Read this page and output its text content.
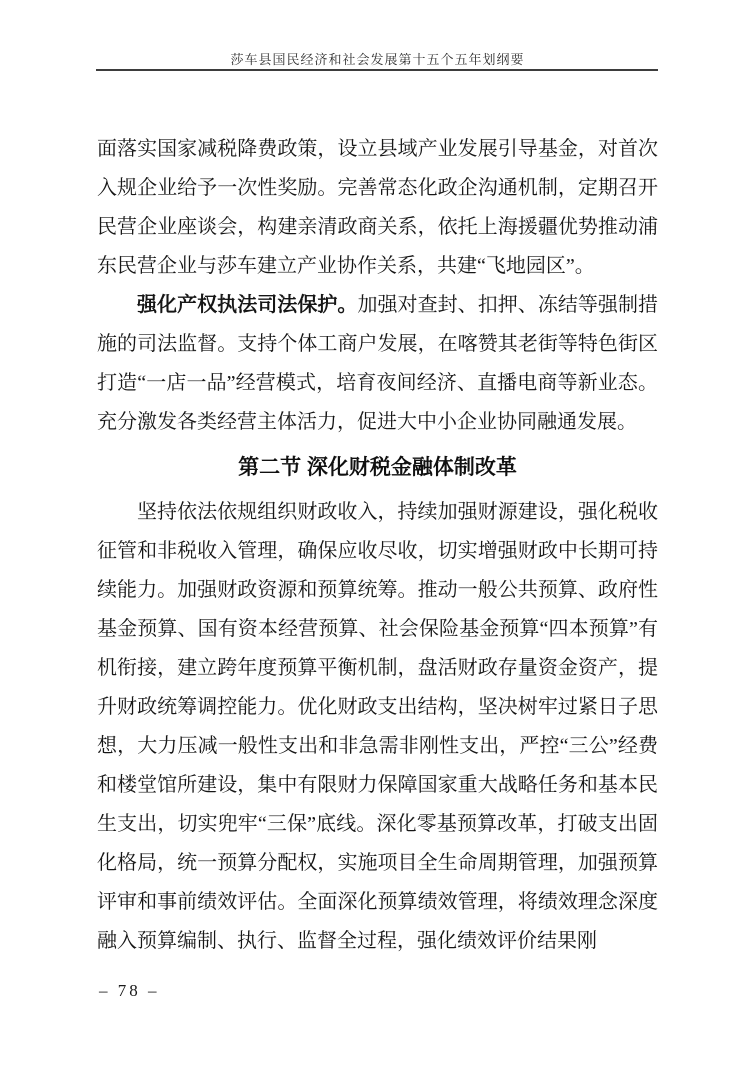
莎车县国民经济和社会发展第十五个五年划纲要

面落实国家减税降费政策，设立县域产业发展引导基金，对首次入规企业给予一次性奖励。完善常态化政企沟通机制，定期召开民营企业座谈会，构建亲清政商关系，依托上海援疆优势推动浦东民营企业与莎车建立产业协作关系，共建“飞地园区”。

强化产权执法司法保护。加强对查封、扣押、冻结等强制措施的司法监督。支持个体工商户发展，在喀赞其老街等特色街区打造“一店一品”经营模式，培育夜间经济、直播电商等新业态。充分激发各类经营主体活力，促进大中小企业协同融通发展。

第二节 深化财税金融体制改革

坚持依法依规组织财政收入，持续加强财源建设，强化税收征管和非税收入管理，确保应收尽收，切实增强财政中长期可持续能力。加强财政资源和预算统筹。推动一般公共预算、政府性基金预算、国有资本经营预算、社会保险基金预算“四本预算”有机衔接，建立跨年度预算平衡机制，盘活财政存量资金资产，提升财政统筹调控能力。优化财政支出结构，坚决树牢过紧日子思想，大力压减一般性支出和非急需非刚性支出，严控“三公”经费和楼堂馆所建设，集中有限财力保障国家重大战略任务和基本民生支出，切实兜牢“三保”底线。深化零基预算改革，打破支出固化格局，统一预算分配权，实施项目全生命周期管理，加强预算评审和事前绩效评估。全面深化预算绩效管理，将绩效理念深度融入预算编制、执行、监督全过程，强化绩效评价结果刚

– 78 –
